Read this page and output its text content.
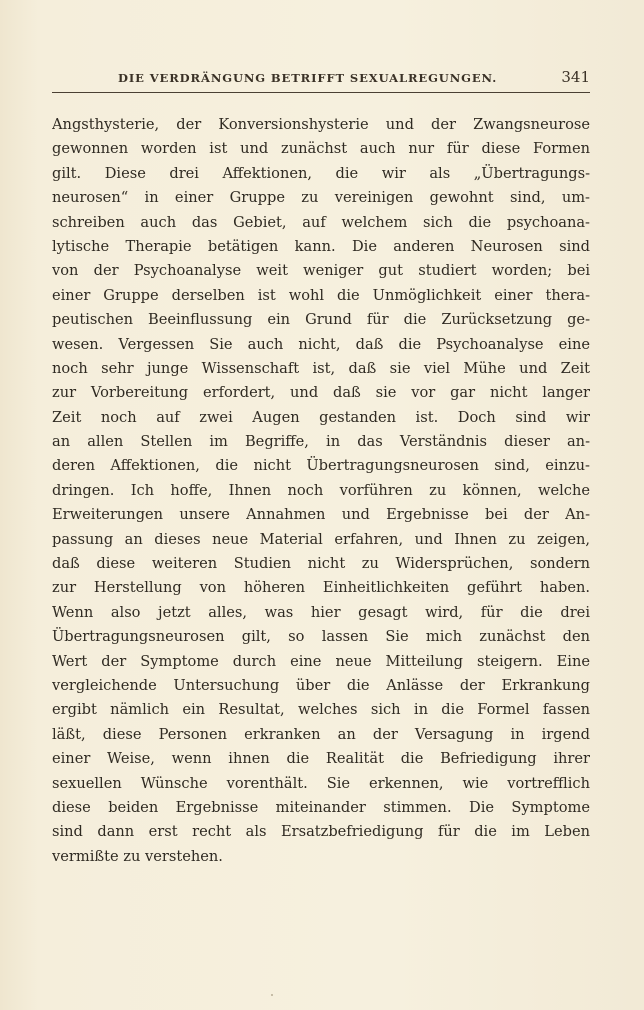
DIE VERDRÄNGUNG BETRIFFT SEXUALREGUNGEN.	341
Angsthysterie, der Konversionshysterie und der Zwangsneurose
gewonnen worden ist und zunächst auch nur für diese Formen
gilt. Diese drei Affektionen, die wir als „Übertragungs-
neurosen“ in einer Gruppe zu vereinigen gewohnt sind, um-
schreiben auch das Gebiet, auf welchem sich die psychoana-
lytische Therapie betätigen kann. Die anderen Neurosen sind
von der Psychoanalyse weit weniger gut studiert worden; bei
einer Gruppe derselben ist wohl die Unmöglichkeit einer thera-
peutischen Beeinflussung ein Grund für die Zurücksetzung ge-
wesen. Vergessen Sie auch nicht, daß die Psychoanalyse eine
noch sehr junge Wissenschaft ist, daß sie viel Mühe und Zeit
zur Vorbereitung erfordert, und daß sie vor gar nicht langer
Zeit noch auf zwei Augen gestanden ist. Doch sind wir
an allen Stellen im Begriffe, in das Verständnis dieser an-
deren Affektionen, die nicht Übertragungsneurosen sind, einzu-
dringen. Ich hoffe, Ihnen noch vorführen zu können, welche
Erweiterungen unsere Annahmen und Ergebnisse bei der An-
passung an dieses neue Material erfahren, und Ihnen zu zeigen,
daß diese weiteren Studien nicht zu Widersprüchen, sondern
zur Herstellung von höheren Einheitlichkeiten geführt haben.
Wenn also jetzt alles, was hier gesagt wird, für die drei
Übertragungsneurosen gilt, so lassen Sie mich zunächst den
Wert der Symptome durch eine neue Mitteilung steigern. Eine
vergleichende Untersuchung über die Anlässe der Erkrankung
ergibt nämlich ein Resultat, welches sich in die Formel fassen
läßt, diese Personen erkranken an der Versagung in irgend
einer Weise, wenn ihnen die Realität die Befriedigung ihrer
sexuellen Wünsche vorenthält. Sie erkennen, wie vortrefflich
diese beiden Ergebnisse miteinander stimmen. Die Symptome
sind dann erst recht als Ersatzbefriedigung für die im Leben
vermißte zu verstehen.
